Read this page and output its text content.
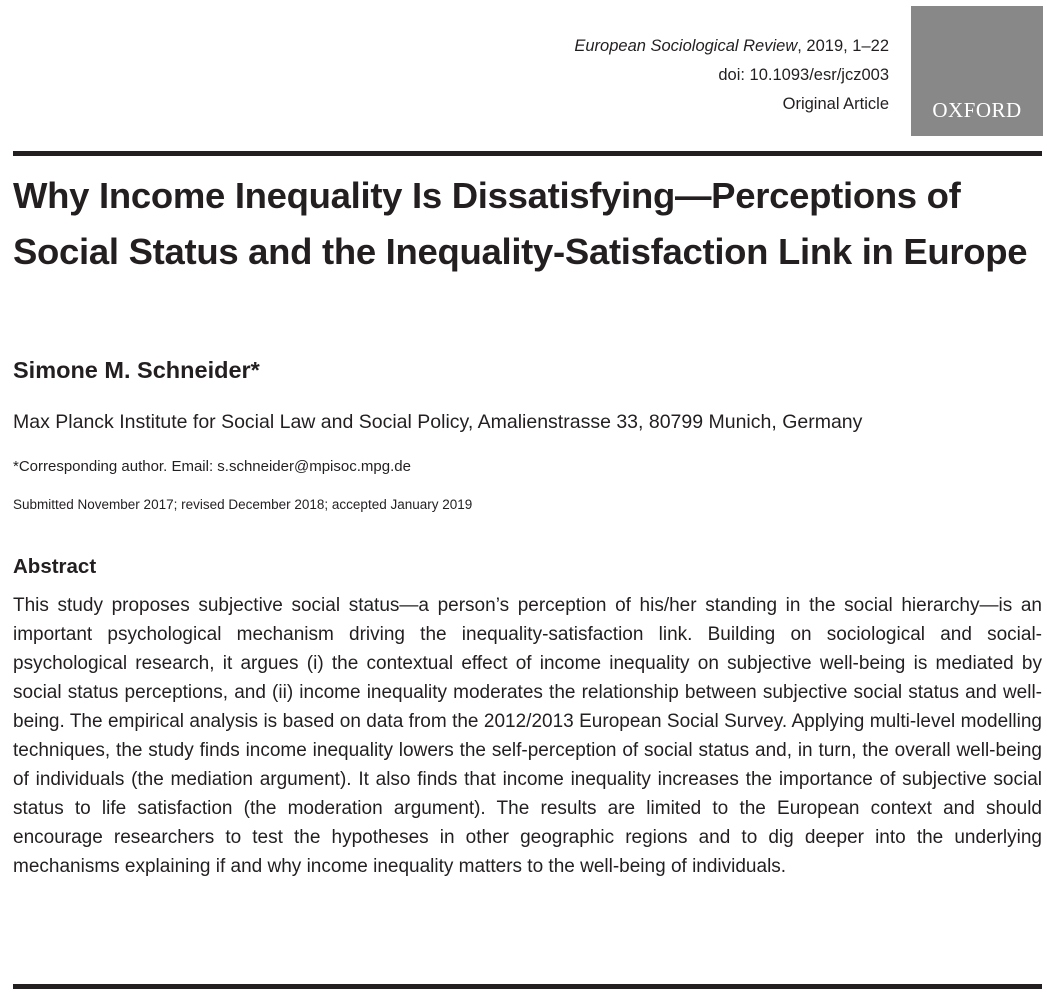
European Sociological Review, 2019, 1–22
doi: 10.1093/esr/jcz003
Original Article	OXFORD
Why Income Inequality Is Dissatisfying—Perceptions of Social Status and the Inequality-Satisfaction Link in Europe
Simone M. Schneider*
Max Planck Institute for Social Law and Social Policy, Amalienstrasse 33, 80799 Munich, Germany
*Corresponding author. Email: s.schneider@mpisoc.mpg.de
Submitted November 2017; revised December 2018; accepted January 2019
Abstract

This study proposes subjective social status—a person’s perception of his/her standing in the social hierarchy—is an important psychological mechanism driving the inequality-satisfaction link. Building on sociological and social-psychological research, it argues (i) the contextual effect of income inequality on subjective well-being is mediated by social status perceptions, and (ii) income inequality moderates the relationship between subjective social status and well-being. The empirical analysis is based on data from the 2012/2013 European Social Survey. Applying multi-level modelling techniques, the study finds income inequality lowers the self-perception of social status and, in turn, the overall well-being of individuals (the mediation argument). It also finds that income inequality increases the importance of subjective social status to life satisfaction (the moderation argument). The results are limited to the European context and should encourage researchers to test the hypotheses in other geographic regions and to dig deeper into the underlying mechanisms explaining if and why income inequality matters to the well-being of individuals.
